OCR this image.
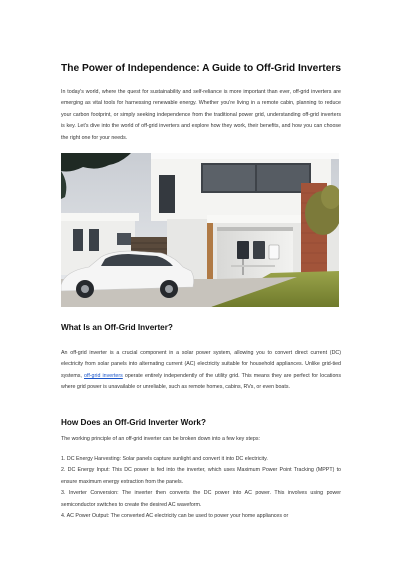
The Power of Independence: A Guide to Off-Grid Inverters
In today's world, where the quest for sustainability and self-reliance is more important than ever, off-grid inverters are emerging as vital tools for harnessing renewable energy. Whether you're living in a remote cabin, planning to reduce your carbon footprint, or simply seeking independence from the traditional power grid, understanding off-grid inverters is key. Let's dive into the world of off-grid inverters and explore how they work, their benefits, and how you can choose the right one for your needs.
What Is an Off-Grid Inverter?
An off-grid inverter is a crucial component in a solar power system, allowing you to convert direct current (DC) electricity from solar panels into alternating current (AC) electricity suitable for household appliances. Unlike grid-tied systems, off-grid inverters operate entirely independently of the utility grid. This means they are perfect for locations where grid power is unavailable or unreliable, such as remote homes, cabins, RVs, or even boats.
How Does an Off-Grid Inverter Work?
The working principle of an off-grid inverter can be broken down into a few key steps:

1. DC Energy Harvesting: Solar panels capture sunlight and convert it into DC electricity.

2. DC Energy Input: This DC power is fed into the inverter, which uses Maximum Power Point Tracking (MPPT) to ensure maximum energy extraction from the panels.

3. Inverter Conversion: The inverter then converts the DC power into AC power. This involves using power semiconductor switches to create the desired AC waveform.

4. AC Power Output: The converted AC electricity can be used to power your home appliances or
